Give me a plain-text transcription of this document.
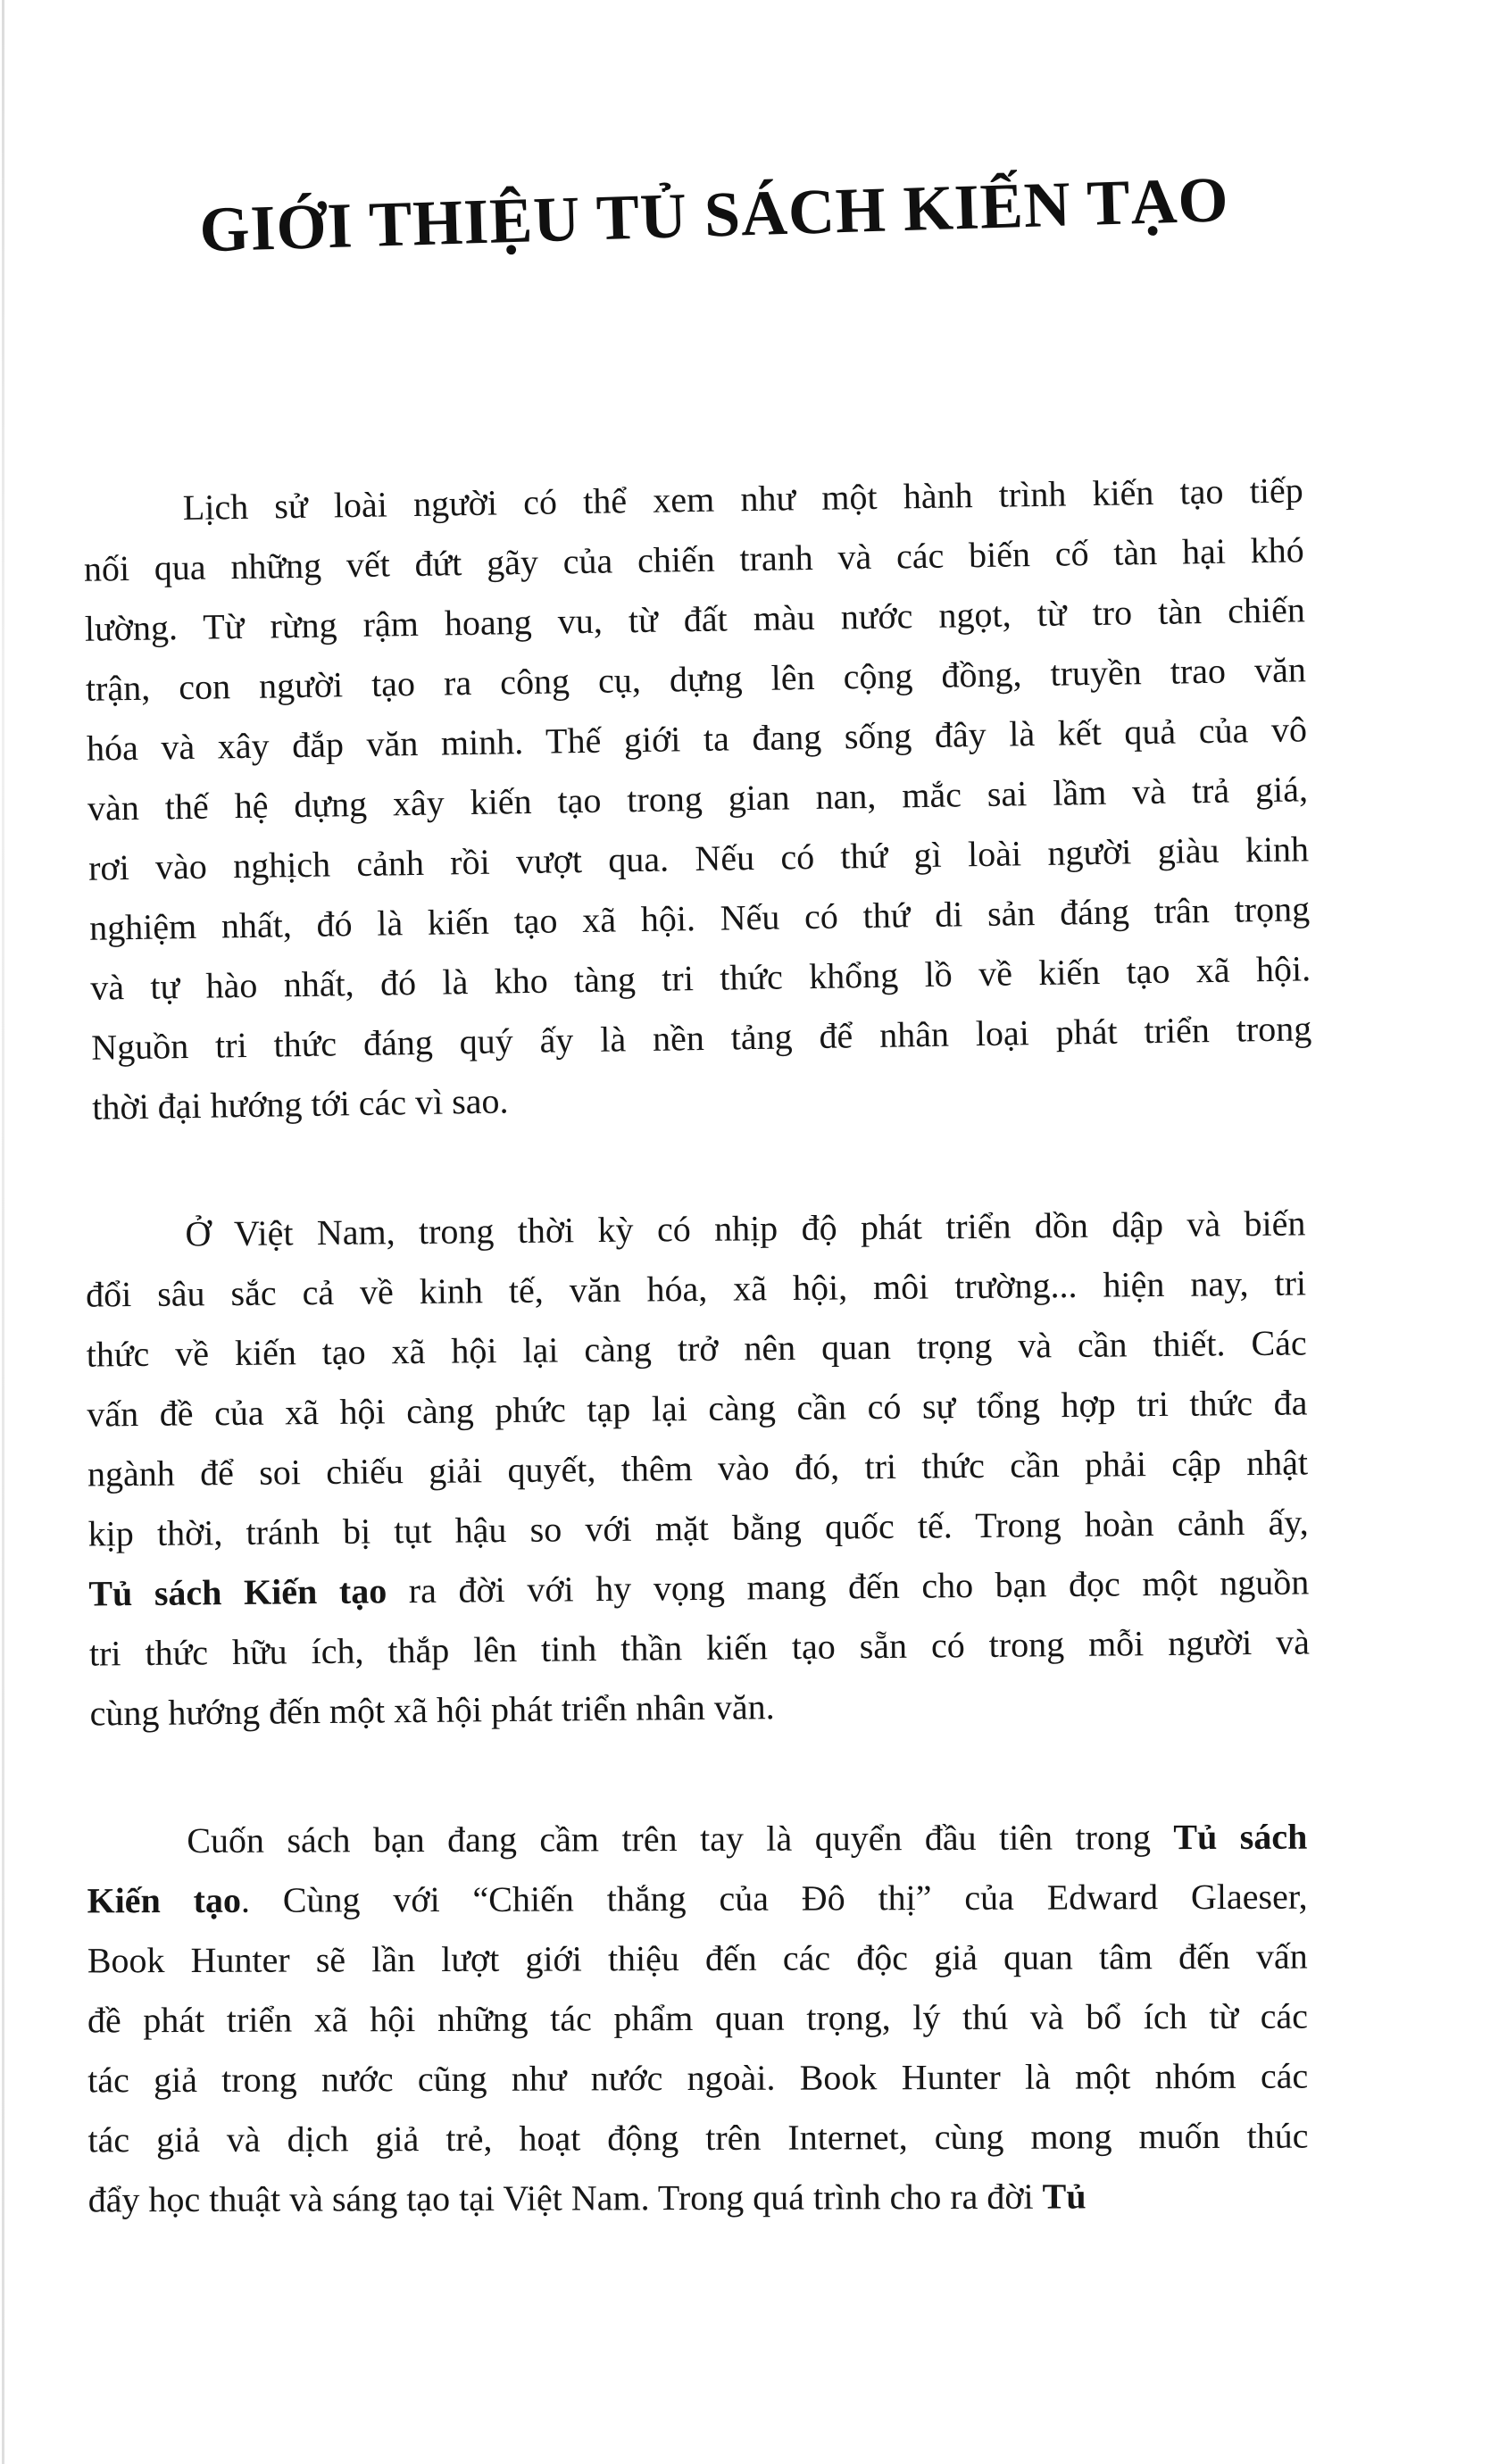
GIỚI THIỆU TỦ SÁCH KIẾN TẠO
Lịch sử loài người có thể xem như một hành trình kiến tạo tiếp
nối qua những vết đứt gãy của chiến tranh và các biến cố tàn hại khó
lường. Từ rừng rậm hoang vu, từ đất màu nước ngọt, từ tro tàn chiến
trận, con người tạo ra công cụ, dựng lên cộng đồng, truyền trao văn
hóa và xây đắp văn minh. Thế giới ta đang sống đây là kết quả của vô
vàn thế hệ dựng xây kiến tạo trong gian nan, mắc sai lầm và trả giá,
rơi vào nghịch cảnh rồi vượt qua. Nếu có thứ gì loài người giàu kinh
nghiệm nhất, đó là kiến tạo xã hội. Nếu có thứ di sản đáng trân trọng
và tự hào nhất, đó là kho tàng tri thức khổng lồ về kiến tạo xã hội.
Nguồn tri thức đáng quý ấy là nền tảng để nhân loại phát triển trong
thời đại hướng tới các vì sao.
Ở Việt Nam, trong thời kỳ có nhịp độ phát triển dồn dập và biến
đổi sâu sắc cả về kinh tế, văn hóa, xã hội, môi trường... hiện nay, tri
thức về kiến tạo xã hội lại càng trở nên quan trọng và cần thiết. Các
vấn đề của xã hội càng phức tạp lại càng cần có sự tổng hợp tri thức đa
ngành để soi chiếu giải quyết, thêm vào đó, tri thức cần phải cập nhật
kịp thời, tránh bị tụt hậu so với mặt bằng quốc tế. Trong hoàn cảnh ấy,
Tủ sách Kiến tạo ra đời với hy vọng mang đến cho bạn đọc một nguồn
tri thức hữu ích, thắp lên tinh thần kiến tạo sẵn có trong mỗi người và
cùng hướng đến một xã hội phát triển nhân văn.
Cuốn sách bạn đang cầm trên tay là quyển đầu tiên trong Tủ sách
Kiến tạo. Cùng với “Chiến thắng của Đô thị” của Edward Glaeser,
Book Hunter sẽ lần lượt giới thiệu đến các độc giả quan tâm đến vấn
đề phát triển xã hội những tác phẩm quan trọng, lý thú và bổ ích từ các
tác giả trong nước cũng như nước ngoài. Book Hunter là một nhóm các
tác giả và dịch giả trẻ, hoạt động trên Internet, cùng mong muốn thúc
đẩy học thuật và sáng tạo tại Việt Nam. Trong quá trình cho ra đời Tủ
